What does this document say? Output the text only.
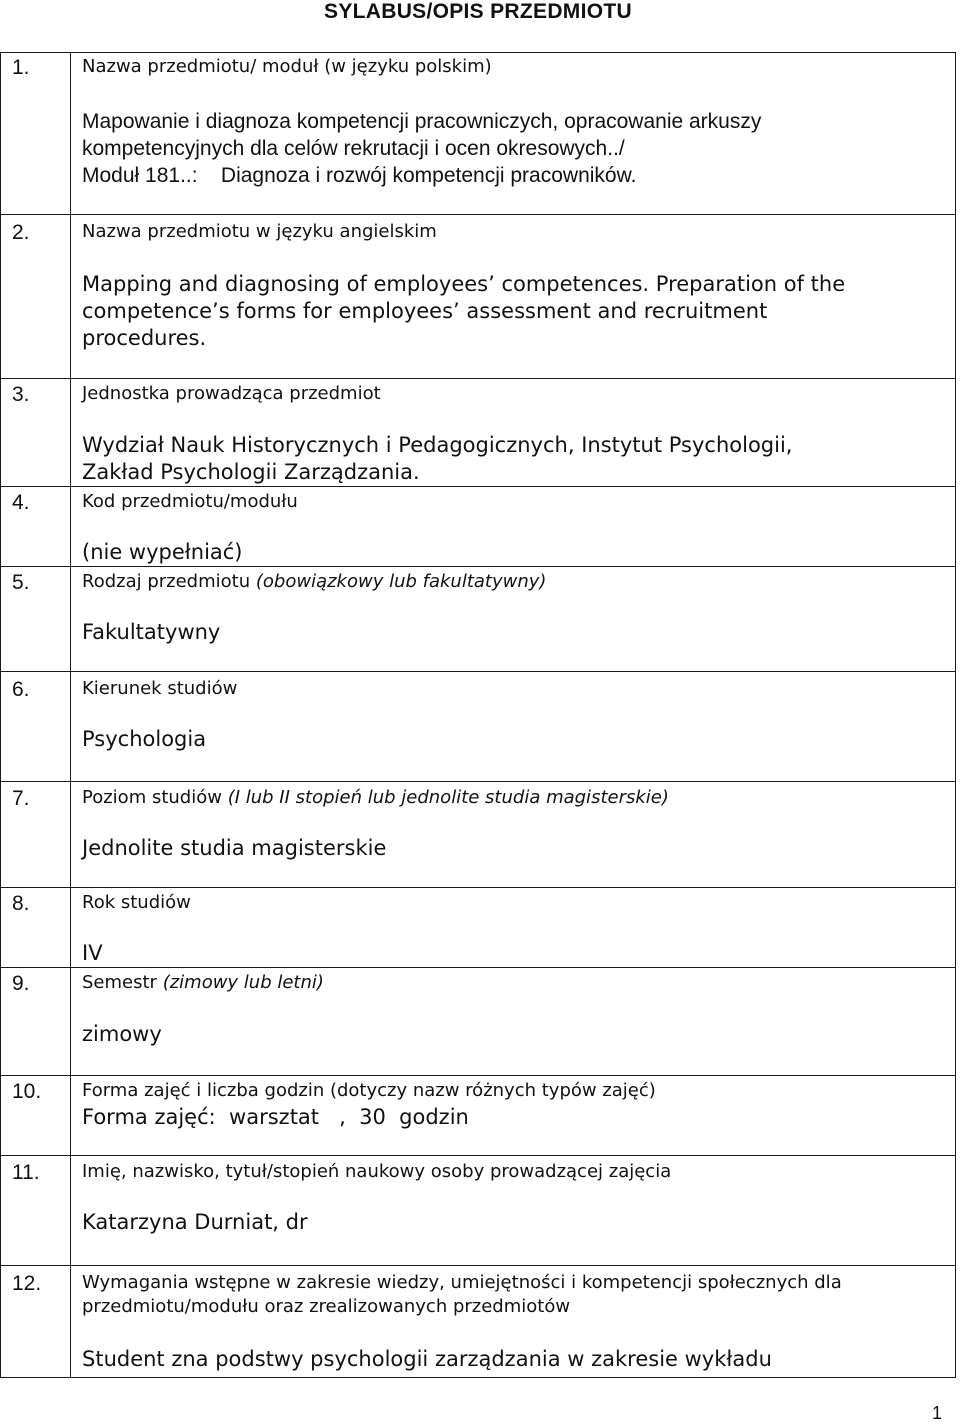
SYLABUS/OPIS PRZEDMIOTU
1.	Nazwa przedmiotu/ moduł (w języku polskim)
Mapowanie i diagnoza kompetencji pracowniczych, opracowanie arkuszy
kompetencyjnych dla celów rekrutacji i ocen okresowych../
Moduł 181..:    Diagnoza i rozwój kompetencji pracowników.

2.	Nazwa przedmiotu w języku angielskim
Mapping and diagnosing of employees’ competences. Preparation of the
competence’s forms for employees’ assessment and recruitment
procedures.

3.	Jednostka prowadząca przedmiot
Wydział Nauk Historycznych i Pedagogicznych, Instytut Psychologii,
Zakład Psychologii Zarządzania.

4.	Kod przedmiotu/modułu
(nie wypełniać)

5.	Rodzaj przedmiotu (obowiązkowy lub fakultatywny)
Fakultatywny

6.	Kierunek studiów
Psychologia

7.	Poziom studiów (I lub II stopień lub jednolite studia magisterskie)
Jednolite studia magisterskie

8.	Rok studiów
IV

9.	Semestr (zimowy lub letni)
zimowy

10.	Forma zajęć i liczba godzin (dotyczy nazw różnych typów zajęć)
Forma zajęć:  warsztat   ,  30  godzin

11.	Imię, nazwisko, tytuł/stopień naukowy osoby prowadzącej zajęcia
Katarzyna Durniat, dr

12.	Wymagania wstępne w zakresie wiedzy, umiejętności i kompetencji społecznych dla
przedmiotu/modułu oraz zrealizowanych przedmiotów
Student zna podstwy psychologii zarządzania w zakresie wykładu
1
